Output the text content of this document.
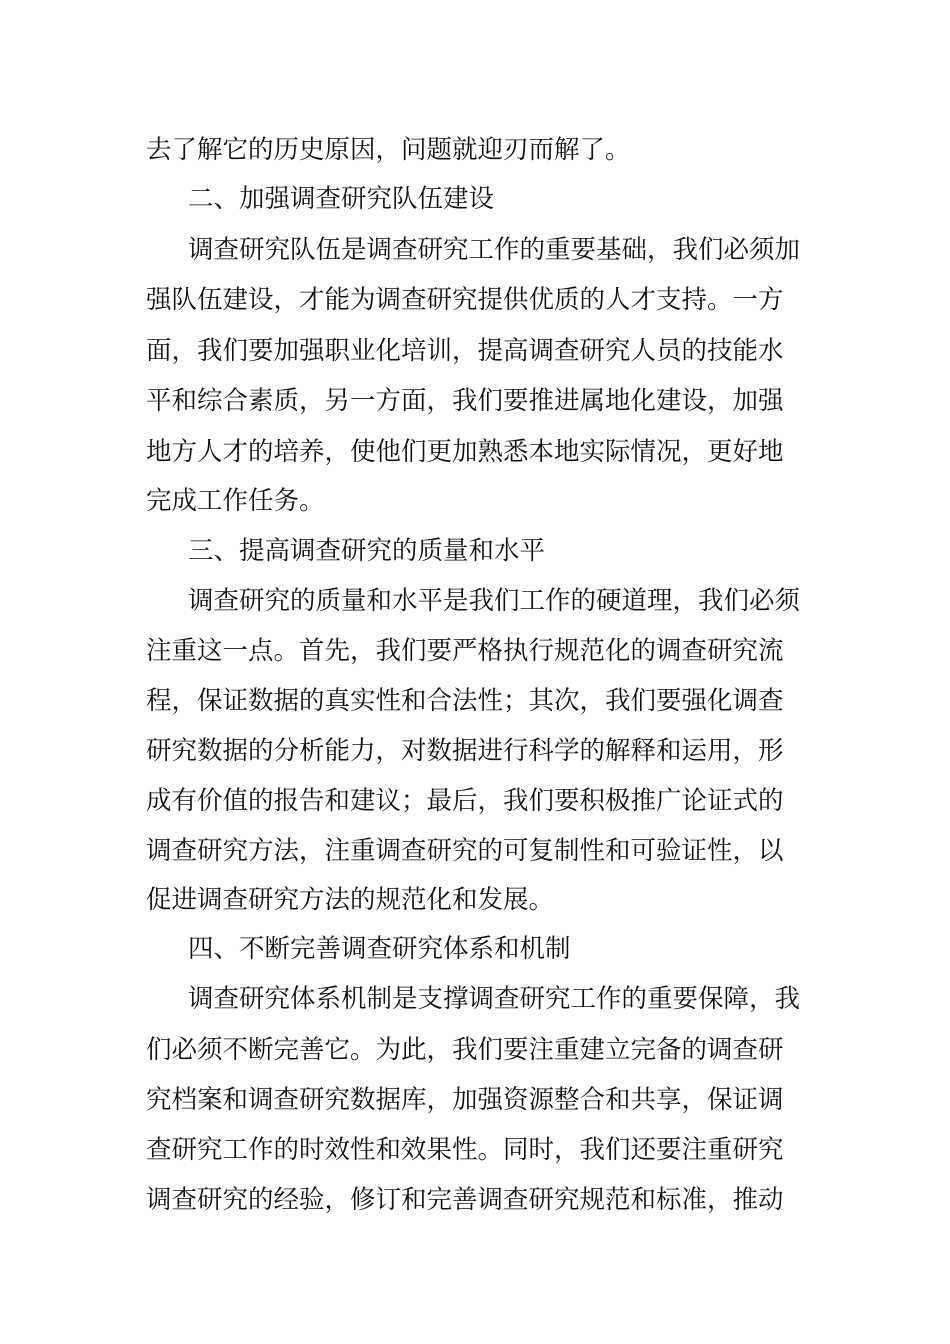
去了解它的历史原因，问题就迎刃而解了。
二、加强调查研究队伍建设
调查研究队伍是调查研究工作的重要基础，我们必须加
强队伍建设，才能为调查研究提供优质的人才支持。一方
面，我们要加强职业化培训，提高调查研究人员的技能水
平和综合素质，另一方面，我们要推进属地化建设，加强
地方人才的培养，使他们更加熟悉本地实际情况，更好地
完成工作任务。
三、提高调查研究的质量和水平
调查研究的质量和水平是我们工作的硬道理，我们必须
注重这一点。首先，我们要严格执行规范化的调查研究流
程，保证数据的真实性和合法性；其次，我们要强化调查
研究数据的分析能力，对数据进行科学的解释和运用，形
成有价值的报告和建议；最后，我们要积极推广论证式的
调查研究方法，注重调查研究的可复制性和可验证性，以
促进调查研究方法的规范化和发展。
四、不断完善调查研究体系和机制
调查研究体系机制是支撑调查研究工作的重要保障，我
们必须不断完善它。为此，我们要注重建立完备的调查研
究档案和调查研究数据库，加强资源整合和共享，保证调
查研究工作的时效性和效果性。同时，我们还要注重研究
调查研究的经验，修订和完善调查研究规范和标准，推动
